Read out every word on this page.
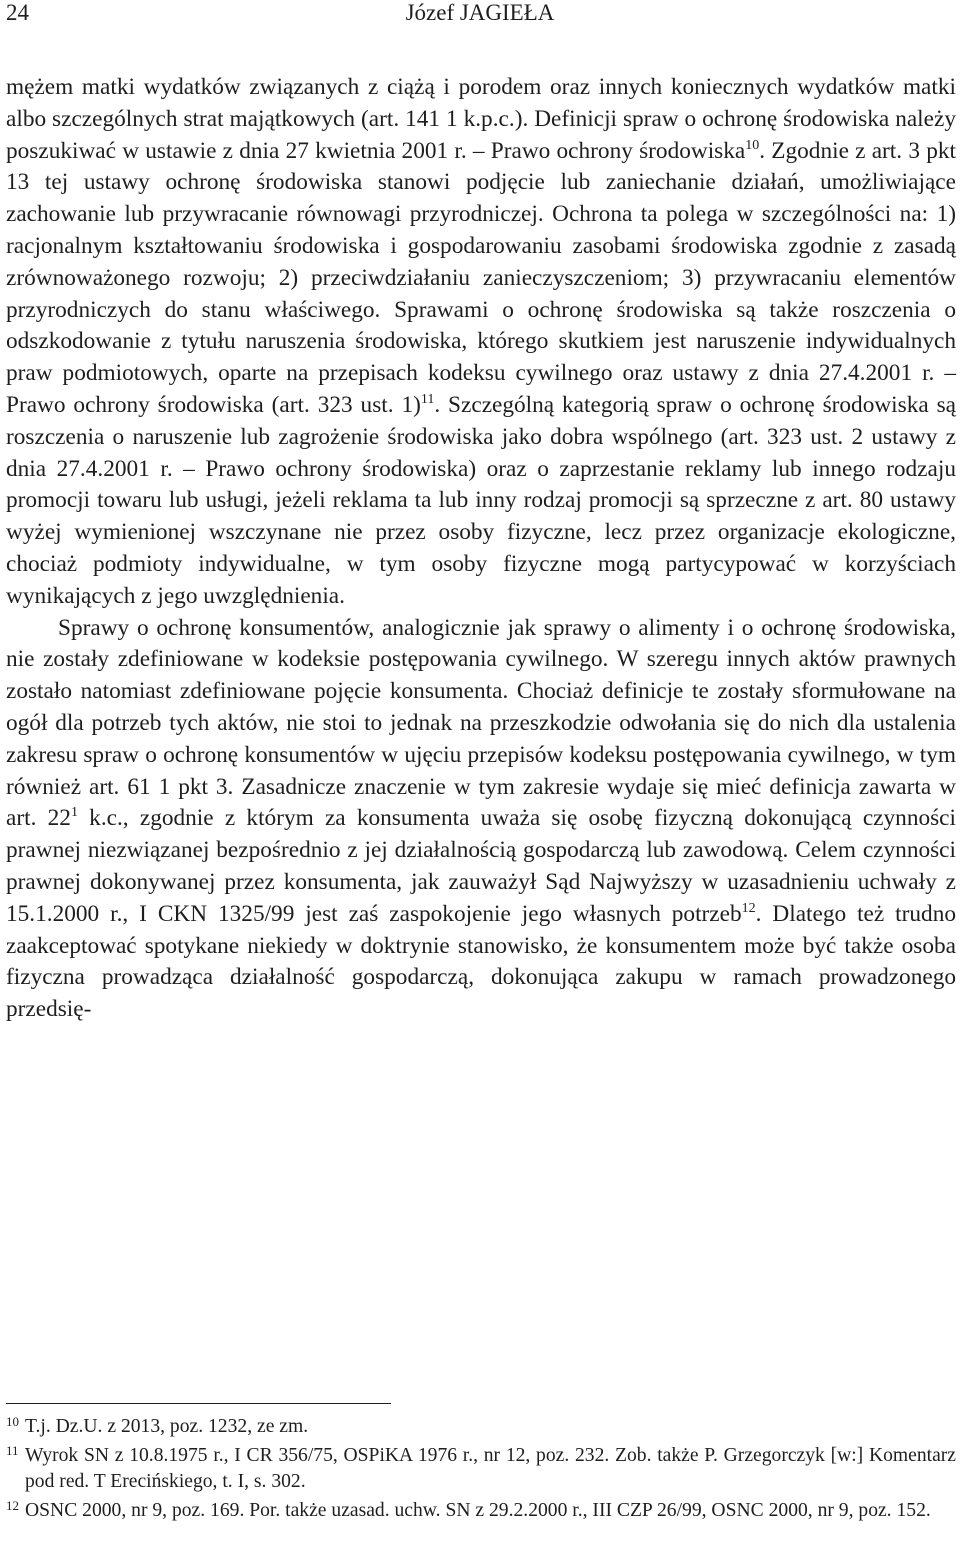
24	Józef JAGIEŁA

mężem matki wydatków związanych z ciążą i porodem oraz innych koniecznych wydatków matki albo szczególnych strat majątkowych (art. 141 1 k.p.c.). Definicji spraw o ochronę środowiska należy poszukiwać w ustawie z dnia 27 kwietnia 2001 r. – Prawo ochrony środowiska$^{10}$. Zgodnie z art. 3 pkt 13 tej ustawy ochronę środowiska stanowi podjęcie lub zaniechanie działań, umożliwiające zachowanie lub przywracanie równowagi przyrodniczej. Ochrona ta polega w szczególności na: 1) racjonalnym kształtowaniu środowiska i gospodarowaniu zasobami środowiska zgodnie z zasadą zrównoważonego rozwoju; 2) przeciwdziałaniu zanieczyszczeniom; 3) przywracaniu elementów przyrodniczych do stanu właściwego. Sprawami o ochronę środowiska są także roszczenia o odszkodowanie z tytułu naruszenia środowiska, którego skutkiem jest naruszenie indywidualnych praw podmiotowych, oparte na przepisach kodeksu cywilnego oraz ustawy z dnia 27.4.2001 r. – Prawo ochrony środowiska (art. 323 ust. 1)$^{11}$. Szczególną kategorią spraw o ochronę środowiska są roszczenia o naruszenie lub zagrożenie środowiska jako dobra wspólnego (art. 323 ust. 2 ustawy z dnia 27.4.2001 r. – Prawo ochrony środowiska) oraz o zaprzestanie reklamy lub innego rodzaju promocji towaru lub usługi, jeżeli reklama ta lub inny rodzaj promocji są sprzeczne z art. 80 ustawy wyżej wymienionej wszczynane nie przez osoby fizyczne, lecz przez organizacje ekologiczne, chociaż podmioty indywidualne, w tym osoby fizyczne mogą partycypować w korzyściach wynikających z jego uwzględnienia.

Sprawy o ochronę konsumentów, analogicznie jak sprawy o alimenty i o ochronę środowiska, nie zostały zdefiniowane w kodeksie postępowania cywilnego. W szeregu innych aktów prawnych zostało natomiast zdefiniowane pojęcie konsumenta. Chociaż definicje te zostały sformułowane na ogół dla potrzeb tych aktów, nie stoi to jednak na przeszkodzie odwołania się do nich dla ustalenia zakresu spraw o ochronę konsumentów w ujęciu przepisów kodeksu postępowania cywilnego, w tym również art. 61 1 pkt 3. Zasadnicze znaczenie w tym zakresie wydaje się mieć definicja zawarta w art. $22^1$ k.c., zgodnie z którym za konsumenta uważa się osobę fizyczną dokonującą czynności prawnej niezwiązanej bezpośrednio z jej działalnością gospodarczą lub zawodową. Celem czynności prawnej dokonywanej przez konsumenta, jak zauważył Sąd Najwyższy w uzasadnieniu uchwały z 15.1.2000 r., I CKN 1325/99 jest zaś zaspokojenie jego własnych potrzeb$^{12}$. Dlatego też trudno zaakceptować spotykane niekiedy w doktrynie stanowisko, że konsumentem może być także osoba fizyczna prowadząca działalność gospodarczą, dokonująca zakupu w ramach prowadzonego przedsię-

10 T.j. Dz.U. z 2013, poz. 1232, ze zm.
11 Wyrok SN z 10.8.1975 r., I CR 356/75, OSPiKA 1976 r., nr 12, poz. 232. Zob. także P. Grzegorczyk [w:] Komentarz pod red. T Erecińskiego, t. I, s. 302.
12 OSNC 2000, nr 9, poz. 169. Por. także uzasad. uchw. SN z 29.2.2000 r., III CZP 26/99, OSNC 2000, nr 9, poz. 152.
